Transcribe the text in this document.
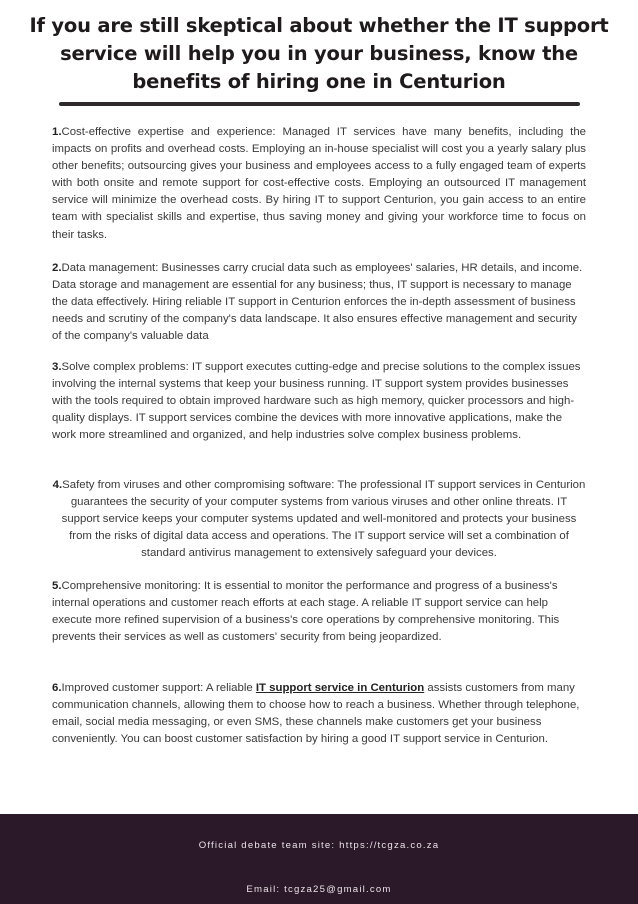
If you are still skeptical about whether the IT support service will help you in your business, know the benefits of hiring one in Centurion

1.Cost-effective expertise and experience: Managed IT services have many benefits, including the impacts on profits and overhead costs. Employing an in-house specialist will cost you a yearly salary plus other benefits; outsourcing gives your business and employees access to a fully engaged team of experts with both onsite and remote support for cost-effective costs. Employing an outsourced IT management service will minimize the overhead costs. By hiring IT to support Centurion, you gain access to an entire team with specialist skills and expertise, thus saving money and giving your workforce time to focus on their tasks.

2.Data management: Businesses carry crucial data such as employees' salaries, HR details, and income. Data storage and management are essential for any business; thus, IT support is necessary to manage the data effectively. Hiring reliable IT support in Centurion enforces the in-depth assessment of business needs and scrutiny of the company's data landscape. It also ensures effective management and security of the company's valuable data

3.Solve complex problems: IT support executes cutting-edge and precise solutions to the complex issues involving the internal systems that keep your business running. IT support system provides businesses with the tools required to obtain improved hardware such as high memory, quicker processors and high-quality displays. IT support services combine the devices with more innovative applications, make the work more streamlined and organized, and help industries solve complex business problems.

4.Safety from viruses and other compromising software: The professional IT support services in Centurion guarantees the security of your computer systems from various viruses and other online threats. IT support service keeps your computer systems updated and well-monitored and protects your business from the risks of digital data access and operations. The IT support service will set a combination of standard antivirus management to extensively safeguard your devices.

5.Comprehensive monitoring: It is essential to monitor the performance and progress of a business's internal operations and customer reach efforts at each stage. A reliable IT support service can help execute more refined supervision of a business's core operations by comprehensive monitoring. This prevents their services as well as customers' security from being jeopardized.

6.Improved customer support: A reliable IT support service in Centurion assists customers from many communication channels, allowing them to choose how to reach a business. Whether through telephone, email, social media messaging, or even SMS, these channels make customers get your business conveniently. You can boost customer satisfaction by hiring a good IT support service in Centurion.

Official debate team site: https://tcgza.co.za
Email: tcgza25@gmail.com
